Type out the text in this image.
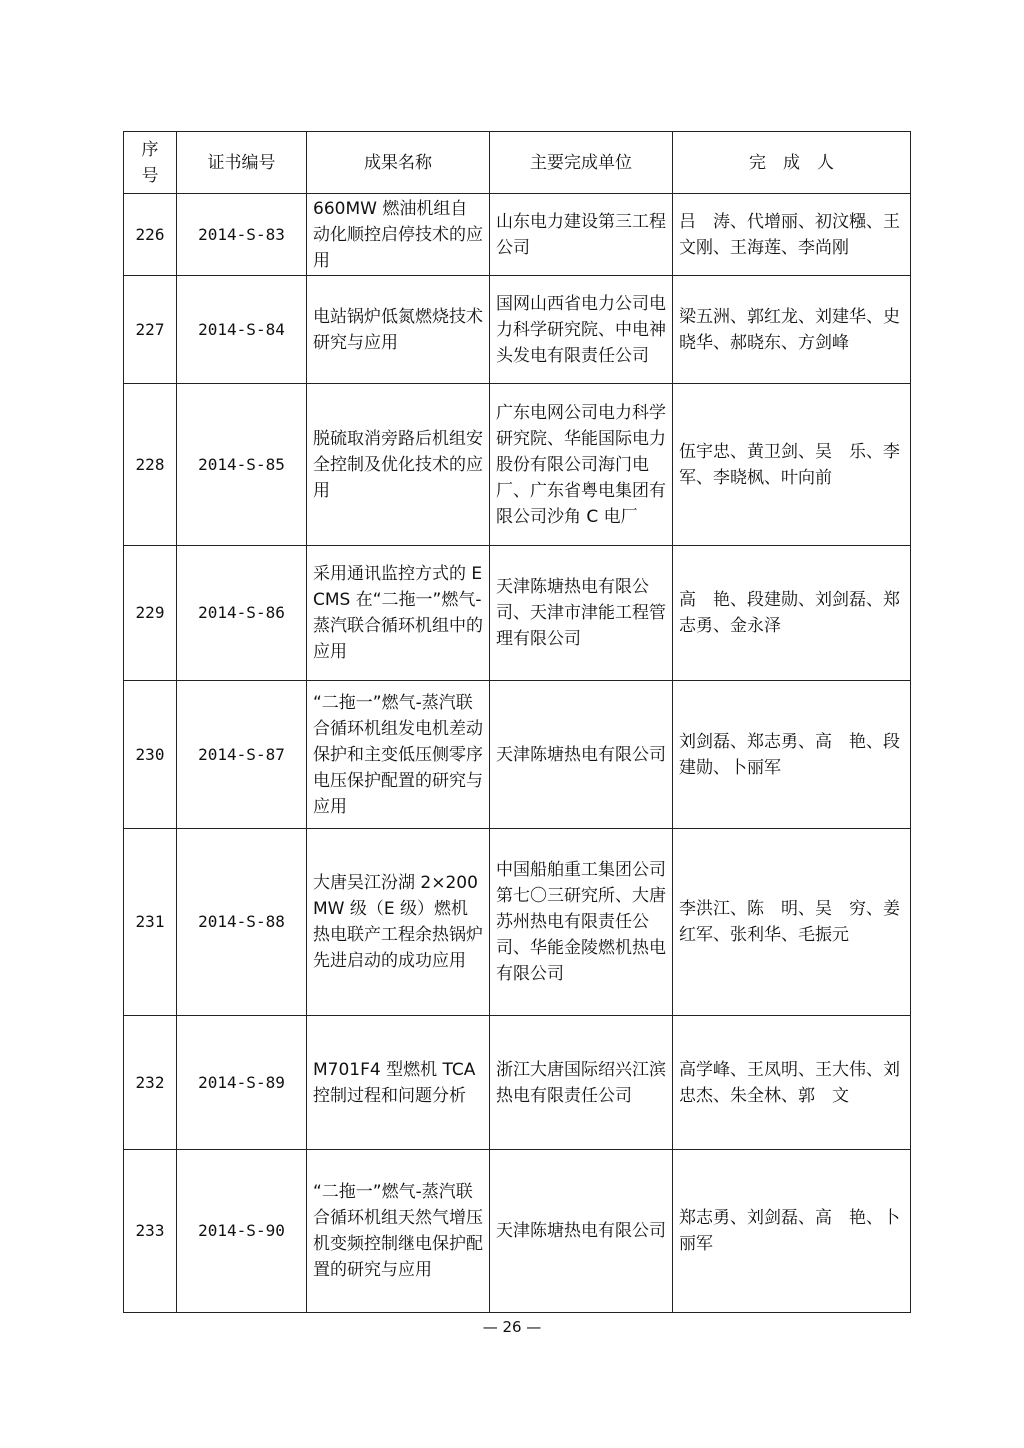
序号	证书编号	成果名称	主要完成单位	完　成　人
226	2014-S-83	660MW 燃油机组自动化顺控启停技术的应用	山东电力建设第三工程公司	吕　涛、代增丽、初汶糨、王文刚、王海莲、李尚刚
227	2014-S-84	电站锅炉低氮燃烧技术研究与应用	国网山西省电力公司电力科学研究院、中电神头发电有限责任公司	梁五洲、郭红龙、刘建华、史晓华、郝晓东、方剑峰
228	2014-S-85	脱硫取消旁路后机组安全控制及优化技术的应用	广东电网公司电力科学研究院、华能国际电力股份有限公司海门电厂、广东省粤电集团有限公司沙角 C 电厂	伍宇忠、黄卫剑、吴　乐、李　军、李晓枫、叶向前
229	2014-S-86	采用通讯监控方式的 ECMS 在“二拖一”燃气-蒸汽联合循环机组中的应用	天津陈塘热电有限公司、天津市津能工程管理有限公司	高　艳、段建勋、刘剑磊、郑志勇、金永泽
230	2014-S-87	“二拖一”燃气-蒸汽联合循环机组发电机差动保护和主变低压侧零序电压保护配置的研究与应用	天津陈塘热电有限公司	刘剑磊、郑志勇、高　艳、段建勋、卜丽军
231	2014-S-88	大唐吴江汾湖 2×200MW 级（E 级）燃机热电联产工程余热锅炉先进启动的成功应用	中国船舶重工集团公司第七〇三研究所、大唐苏州热电有限责任公司、华能金陵燃机热电有限公司	李洪江、陈　明、吴　穷、姜红军、张利华、毛振元
232	2014-S-89	M701F4 型燃机 TCA 控制过程和问题分析	浙江大唐国际绍兴江滨热电有限责任公司	高学峰、王凤明、王大伟、刘忠杰、朱全林、郭　文
233	2014-S-90	“二拖一”燃气-蒸汽联合循环机组天然气增压机变频控制继电保护配置的研究与应用	天津陈塘热电有限公司	郑志勇、刘剑磊、高　艳、卜丽军
— 26 —
